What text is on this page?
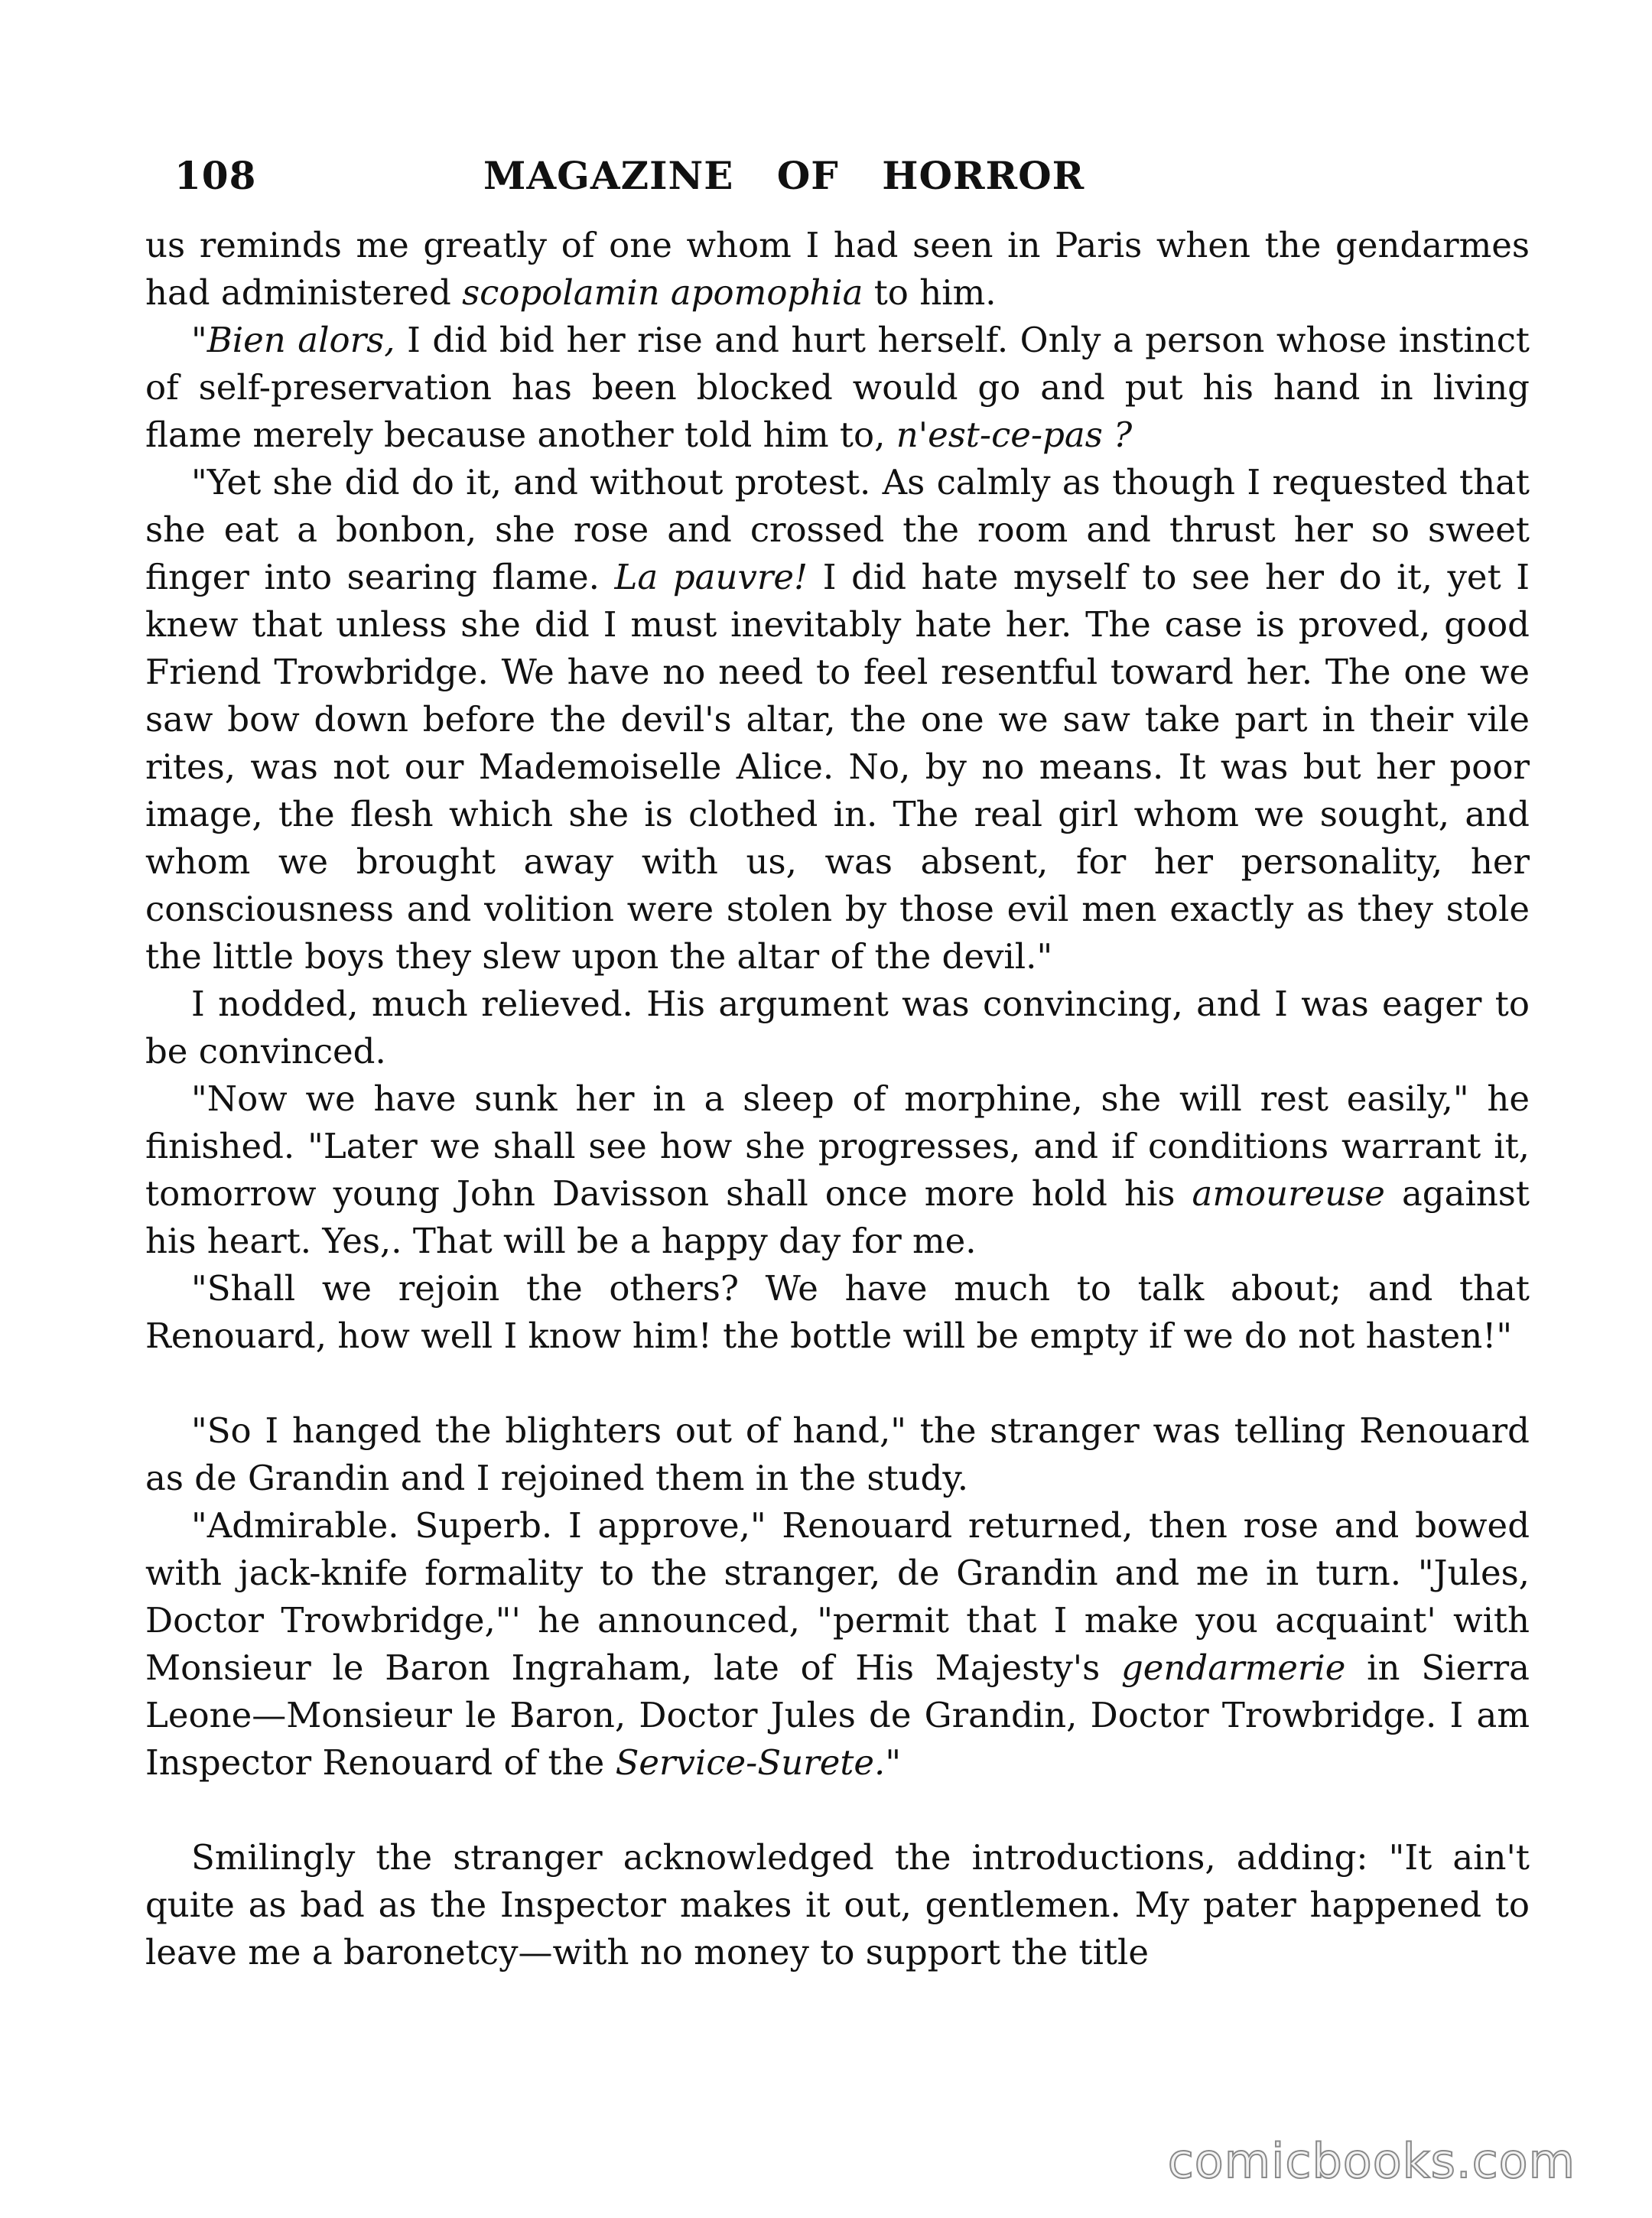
108	MAGAZINE OF HORROR

us reminds me greatly of one whom I had seen in Paris when the gendarmes had administered scopolamin apomophia to him.

"Bien alors, I did bid her rise and hurt herself. Only a person whose instinct of self-preservation has been blocked would go and put his hand in living flame merely because another told him to, n'est-ce-pas ?

"Yet she did do it, and without protest. As calmly as though I requested that she eat a bonbon, she rose and crossed the room and thrust her so sweet finger into searing flame. La pauvre! I did hate myself to see her do it, yet I knew that unless she did I must inevitably hate her. The case is proved, good Friend Trowbridge. We have no need to feel resentful toward her. The one we saw bow down before the devil's altar, the one we saw take part in their vile rites, was not our Mademoiselle Alice. No, by no means. It was but her poor image, the flesh which she is clothed in. The real girl whom we sought, and whom we brought away with us, was absent, for her personality, her consciousness and volition were stolen by those evil men exactly as they stole the little boys they slew upon the altar of the devil."

I nodded, much relieved. His argument was convincing, and I was eager to be convinced.

"Now we have sunk her in a sleep of morphine, she will rest easily," he finished. "Later we shall see how she progresses, and if conditions warrant it, tomorrow young John Davisson shall once more hold his amoureuse against his heart. Yes,. That will be a happy day for me.

"Shall we rejoin the others? We have much to talk about; and that Renouard, how well I know him! the bottle will be empty if we do not hasten!"

"So I hanged the blighters out of hand," the stranger was telling Renouard as de Grandin and I rejoined them in the study.

"Admirable. Superb. I approve," Renouard returned, then rose and bowed with jack-knife formality to the stranger, de Grandin and me in turn. "Jules, Doctor Trowbridge,"' he announced, "permit that I make you acquaint' with Monsieur le Baron Ingraham, late of His Majesty's gendarmerie in Sierra Leone—Monsieur le Baron, Doctor Jules de Grandin, Doctor Trowbridge. I am Inspector Renouard of the Service-Surete."

Smilingly the stranger acknowledged the introductions, adding: "It ain't quite as bad as the Inspector makes it out, gentlemen. My pater happened to leave me a baronetcy—with no money to support the title

comicbooks.com
